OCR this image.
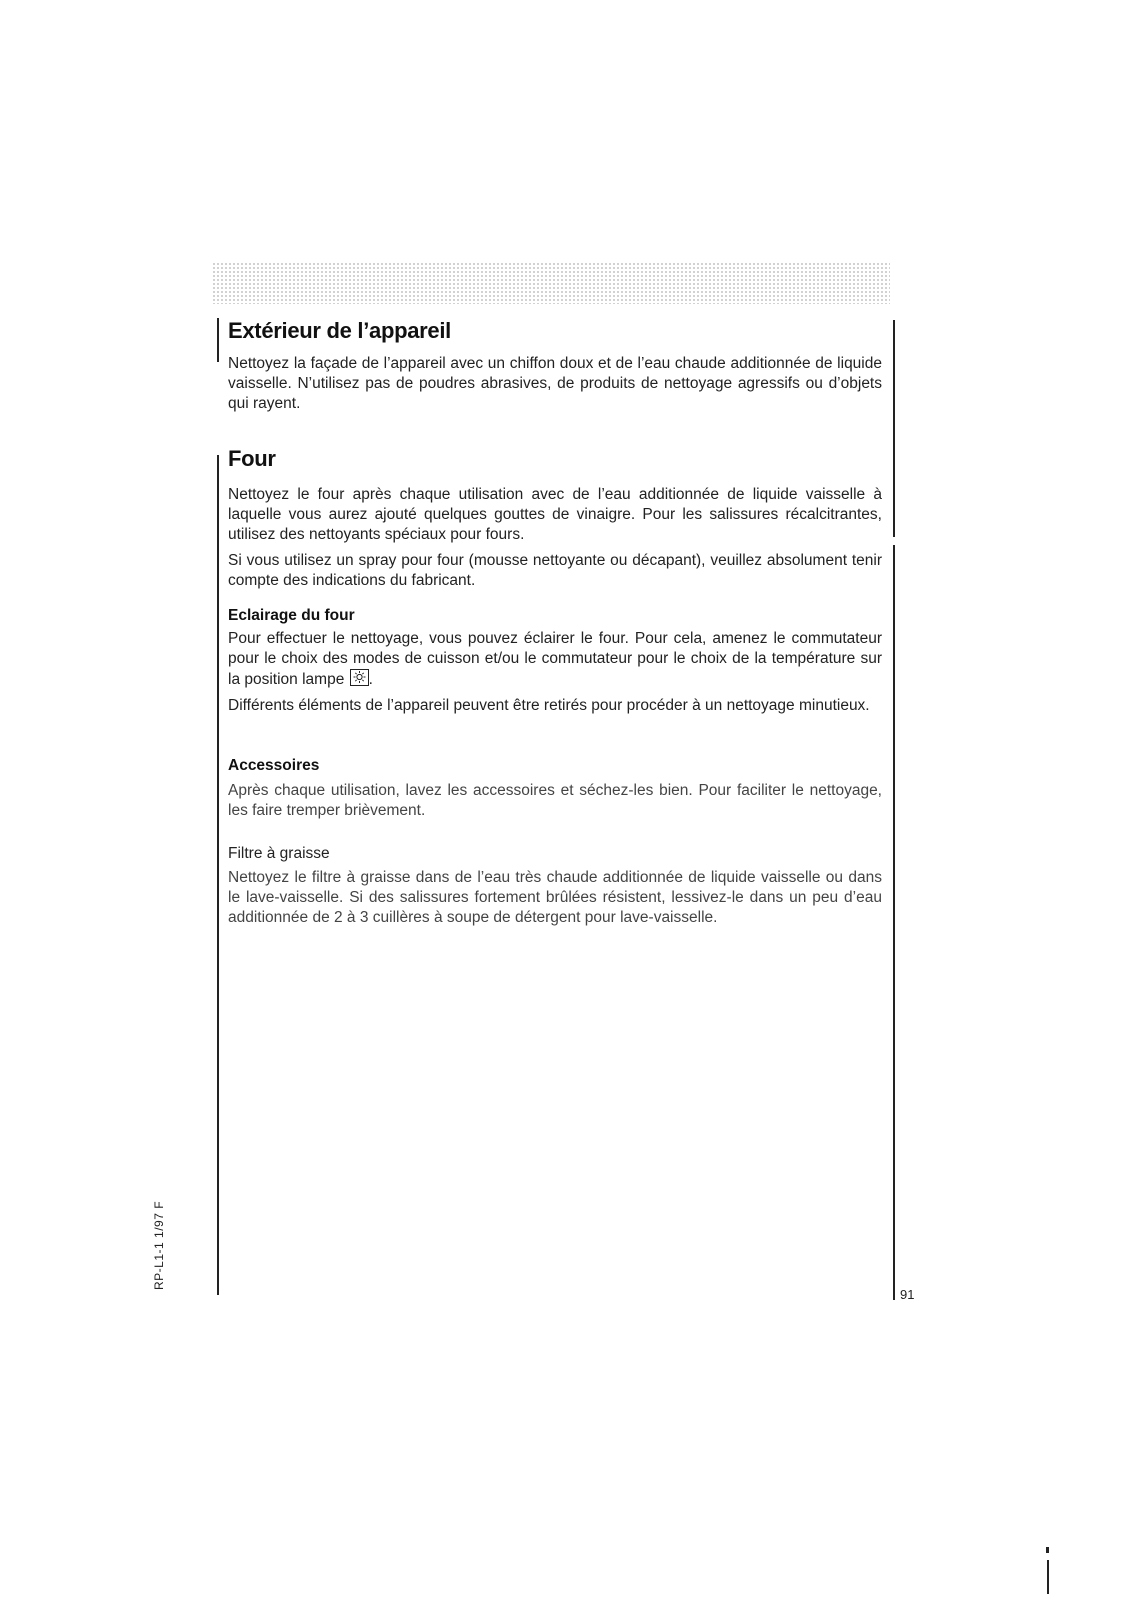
Extérieur de l’appareil

Nettoyez la façade de l’appareil avec un chiffon doux et de l’eau chaude additionnée de liquide vaisselle. N’utilisez pas de poudres abrasives, de produits de nettoyage agressifs ou d’objets qui rayent.

Four

Nettoyez le four après chaque utilisation avec de l’eau additionnée de liquide vaisselle à laquelle vous aurez ajouté quelques gouttes de vinaigre. Pour les salissures récalcitrantes, utilisez des nettoyants spéciaux pour fours.

Si vous utilisez un spray pour four (mousse nettoyante ou décapant), veuillez absolument tenir compte des indications du fabricant.

Eclairage du four

Pour effectuer le nettoyage, vous pouvez éclairer le four. Pour cela, amenez le commutateur pour le choix des modes de cuisson et/ou le commutateur pour le choix de la température sur la position lampe .

Différents éléments de l’appareil peuvent être retirés pour procéder à un nettoyage minutieux.

Accessoires

Après chaque utilisation, lavez les accessoires et séchez-les bien. Pour faciliter le nettoyage, les faire tremper brièvement.

Filtre à graisse

Nettoyez le filtre à graisse dans de l’eau très chaude additionnée de liquide vaisselle ou dans le lave-vaisselle. Si des salissures fortement brûlées résistent, lessivez-le dans un peu d’eau additionnée de 2 à 3 cuillères à soupe de détergent pour lave-vaisselle.

RP-L1-1 1/97 F
91
